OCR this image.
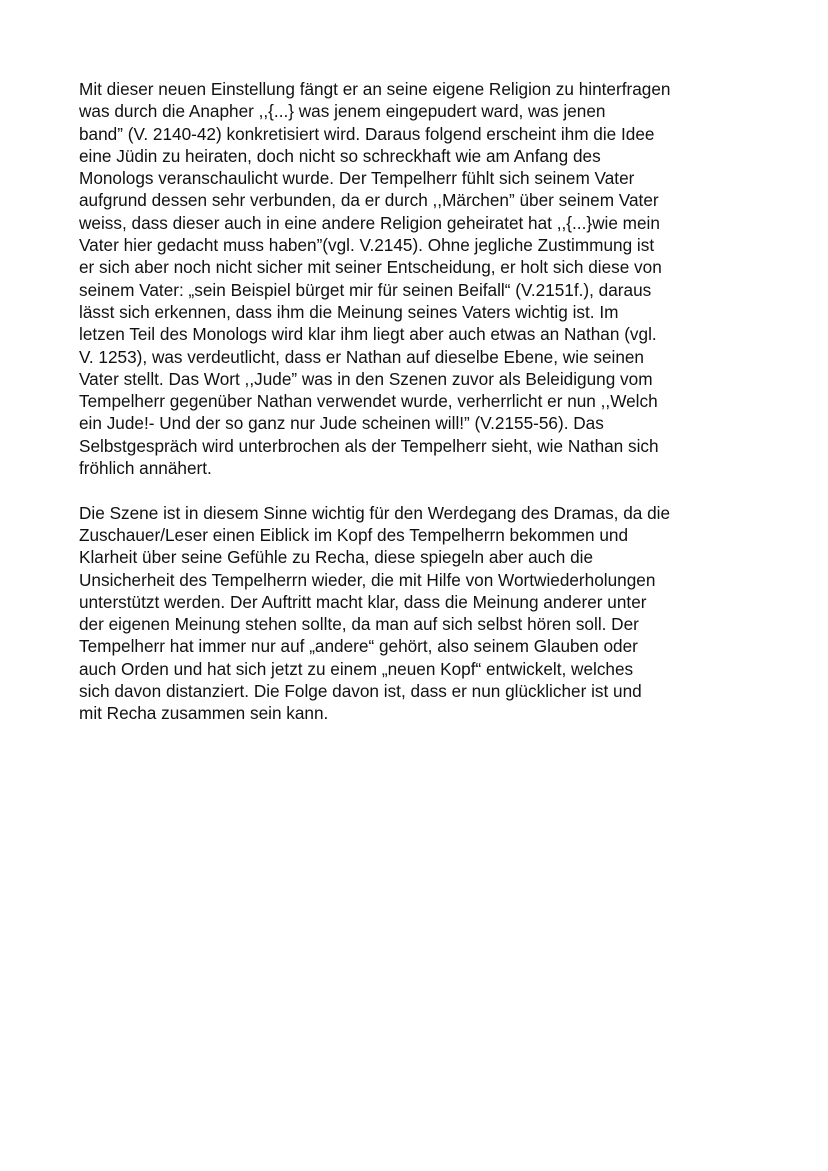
Mit dieser neuen Einstellung fängt er an seine eigene Religion zu hinterfragen
was durch die Anapher ,,{...} was jenem eingepudert ward, was jenen
band” (V. 2140-42) konkretisiert wird. Daraus folgend erscheint ihm die Idee
eine Jüdin zu heiraten, doch nicht so schreckhaft wie am Anfang des
Monologs veranschaulicht wurde. Der Tempelherr fühlt sich seinem Vater
aufgrund dessen sehr verbunden, da er durch ,,Märchen” über seinem Vater
weiss, dass dieser auch in eine andere Religion geheiratet hat ,,{...}wie mein
Vater hier gedacht muss haben”(vgl. V.2145). Ohne jegliche Zustimmung ist
er sich aber noch nicht sicher mit seiner Entscheidung, er holt sich diese von
seinem Vater: „sein Beispiel bürget mir für seinen Beifall“ (V.2151f.), daraus
lässt sich erkennen, dass ihm die Meinung seines Vaters wichtig ist. Im
letzen Teil des Monologs wird klar ihm liegt aber auch etwas an Nathan (vgl.
V. 1253), was verdeutlicht, dass er Nathan auf dieselbe Ebene, wie seinen
Vater stellt. Das Wort ,,Jude” was in den Szenen zuvor als Beleidigung vom
Tempelherr gegenüber Nathan verwendet wurde, verherrlicht er nun ,,Welch
ein Jude!- Und der so ganz nur Jude scheinen will!” (V.2155-56). Das
Selbstgespräch wird unterbrochen als der Tempelherr sieht, wie Nathan sich
fröhlich annähert.

Die Szene ist in diesem Sinne wichtig für den Werdegang des Dramas, da die
Zuschauer/Leser einen Eiblick im Kopf des Tempelherrn bekommen und
Klarheit über seine Gefühle zu Recha, diese spiegeln aber auch die
Unsicherheit des Tempelherrn wieder, die mit Hilfe von Wortwiederholungen
unterstützt werden. Der Auftritt macht klar, dass die Meinung anderer unter
der eigenen Meinung stehen sollte, da man auf sich selbst hören soll. Der
Tempelherr hat immer nur auf „andere“ gehört, also seinem Glauben oder
auch Orden und hat sich jetzt zu einem „neuen Kopf“ entwickelt, welches
sich davon distanziert. Die Folge davon ist, dass er nun glücklicher ist und
mit Recha zusammen sein kann.
